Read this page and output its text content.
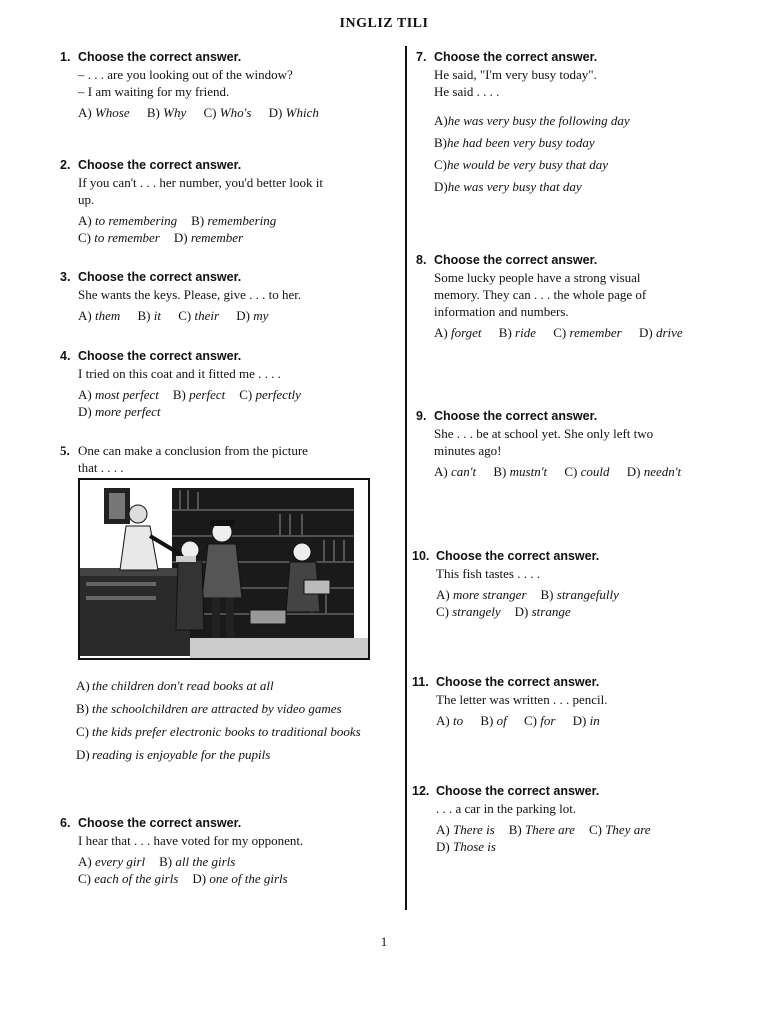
INGLIZ TILI
1. Choose the correct answer.
– . . . are you looking out of the window?
– I am waiting for my friend.
A) Whose B) Why C) Who's D) Which
2. Choose the correct answer.
If you can't . . . her number, you'd better look it
up.
A) to remembering B) remembering
C) to remember D) remember
3. Choose the correct answer.
She wants the keys. Please, give . . . to her.
A) them B) it C) their D) my
4. Choose the correct answer.
I tried on this coat and it fitted me . . . .
A) most perfect B) perfect C) perfectly
D) more perfect
5. One can make a conclusion from the picture
that . . . .
A) the children don't read books at all
B) the schoolchildren are attracted by video games
C) the kids prefer electronic books to traditional books
D) reading is enjoyable for the pupils
6. Choose the correct answer.
I hear that . . . have voted for my opponent.
A) every girl B) all the girls
C) each of the girls D) one of the girls
7. Choose the correct answer.
He said, "I'm very busy today".
He said . . . .
A)he was very busy the following day
B)he had been very busy today
C)he would be very busy that day
D)he was very busy that day
8. Choose the correct answer.
Some lucky people have a strong visual
memory. They can . . . the whole page of
information and numbers.
A) forget B) ride C) remember D) drive
9. Choose the correct answer.
She . . . be at school yet. She only left two
minutes ago!
A) can't B) mustn't C) could D) needn't
10. Choose the correct answer.
This fish tastes . . . .
A) more stranger B) strangefully
C) strangely D) strange
11. Choose the correct answer.
The letter was written . . . pencil.
A) to B) of C) for D) in
12. Choose the correct answer.
. . . a car in the parking lot.
A) There is B) There are C) They are
D) Those is
1
